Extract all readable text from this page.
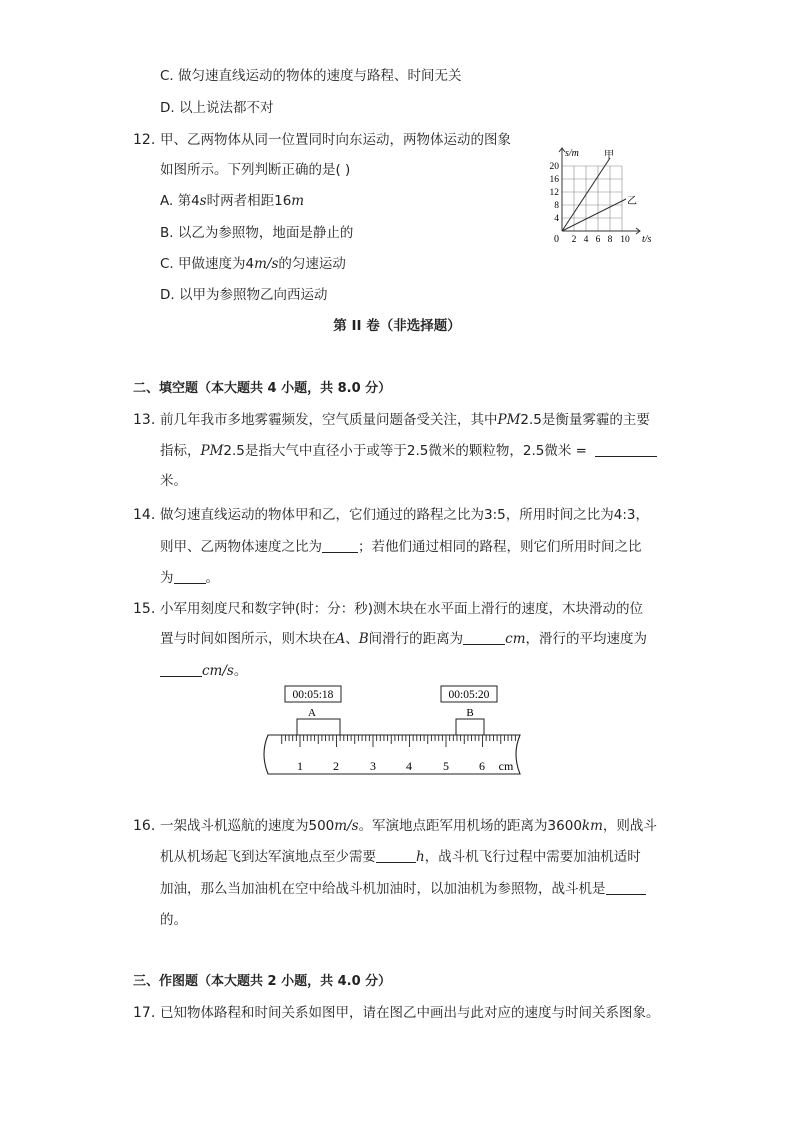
C. 做匀速直线运动的物体的速度与路程、时间无关
D. 以上说法都不对
12. 甲、乙两物体从同一位置同时向东运动，两物体运动的图象
如图所示。下列判断正确的是( )
A. 第4s时两者相距16m
B. 以乙为参照物，地面是静止的
C. 甲做速度为4m/s的匀速运动
D. 以甲为参照物乙向西运动
s/m
t/s
0
甲
乙
4
8
12
16
20
2 4 6 8 10
第 II 卷（非选择题）
二、填空题（本大题共 4 小题，共 8.0 分）
13. 前几年我市多地雾霾频发，空气质量问题备受关注，其中PM2.5是衡量雾霾的主要
指标，PM2.5是指大气中直径小于或等于2.5微米的颗粒物，2.5微米 =
米。
14. 做匀速直线运动的物体甲和乙，它们通过的路程之比为3:5，所用时间之比为4:3，
则甲、乙两物体速度之比为	；若他们通过相同的路程，则它们所用时间之比
为 。
15. 小军用刻度尺和数字钟(时：分：秒)测木块在水平面上滑行的速度，木块滑动的位
置与时间如图所示，则木块在A、B间滑行的距离为	cm，滑行的平均速度为
cm/s。
00:05:18	00:05:20
A	B
1	2	3	4	5	6 cm
16. 一架战斗机巡航的速度为500m/s。军演地点距军用机场的距离为3600km，则战斗
机从机场起飞到达军演地点至少需要	h，战斗机飞行过程中需要加油机适时
加油，那么当加油机在空中给战斗机加油时，以加油机为参照物，战斗机是
的。
三、作图题（本大题共 2 小题，共 4.0 分）
17. 已知物体路程和时间关系如图甲，请在图乙中画出与此对应的速度与时间关系图象。
